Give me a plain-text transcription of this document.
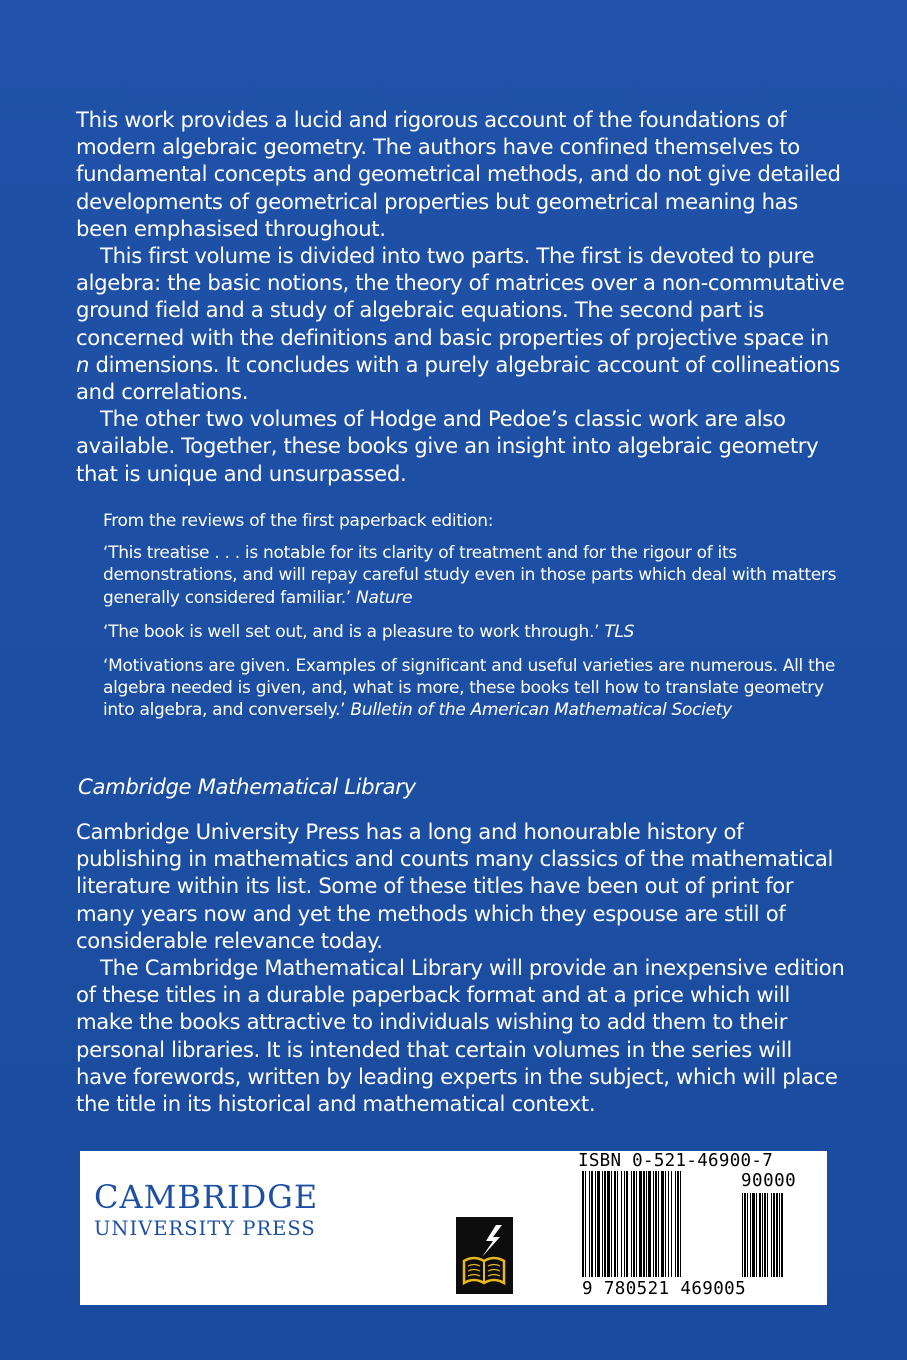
This work provides a lucid and rigorous account of the foundations of modern algebraic geometry. The authors have confined themselves to fundamental concepts and geometrical methods, and do not give detailed developments of geometrical properties but geometrical meaning has been emphasised throughout.

This first volume is divided into two parts. The first is devoted to pure algebra: the basic notions, the theory of matrices over a non-commutative ground field and a study of algebraic equations. The second part is concerned with the definitions and basic properties of projective space in n dimensions. It concludes with a purely algebraic account of collineations and correlations.

The other two volumes of Hodge and Pedoe’s classic work are also available. Together, these books give an insight into algebraic geometry that is unique and unsurpassed.

From the reviews of the first paperback edition:

‘This treatise . . . is notable for its clarity of treatment and for the rigour of its demonstrations, and will repay careful study even in those parts which deal with matters generally considered familiar.’ Nature

‘The book is well set out, and is a pleasure to work through.’ TLS

‘Motivations are given. Examples of significant and useful varieties are numerous. All the algebra needed is given, and, what is more, these books tell how to translate geometry into algebra, and conversely.’ Bulletin of the American Mathematical Society

Cambridge Mathematical Library

Cambridge University Press has a long and honourable history of publishing in mathematics and counts many classics of the mathematical literature within its list. Some of these titles have been out of print for many years now and yet the methods which they espouse are still of considerable relevance today.

The Cambridge Mathematical Library will provide an inexpensive edition of these titles in a durable paperback format and at a price which will make the books attractive to individuals wishing to add them to their personal libraries. It is intended that certain volumes in the series will have forewords, written by leading experts in the subject, which will place the title in its historical and mathematical context.

CAMBRIDGE
UNIVERSITY PRESS
ISBN 0-521-46900-7
90000
9 780521 469005
